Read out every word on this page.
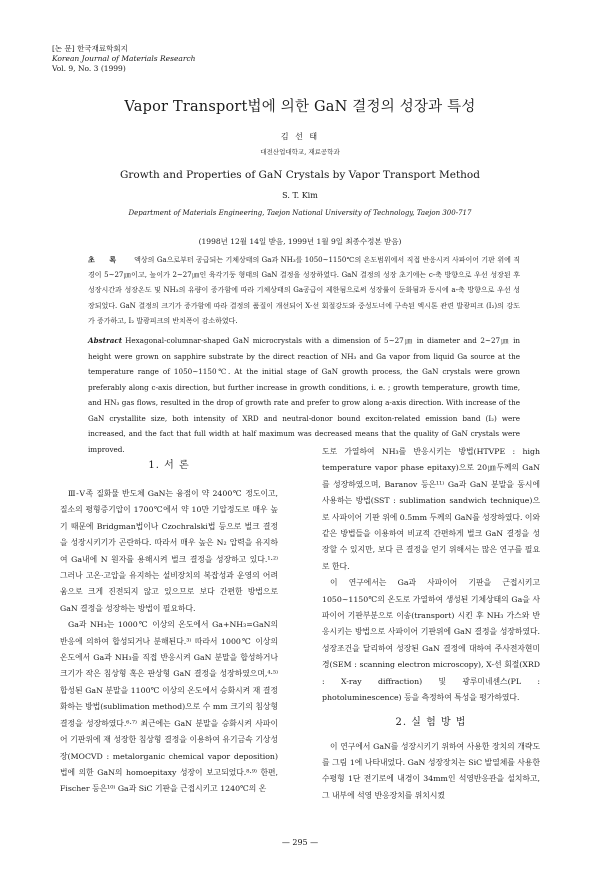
[논 문] 한국재료학회지
Korean Journal of Materials Research
Vol. 9, No. 3 (1999)
Vapor Transport법에 의한 GaN 결정의 성장과 특성
김 선 태
대전산업대학교, 재료공학과
Growth and Properties of GaN Crystals by Vapor Transport Method
S. T. Kim
Department of Materials Engineering, Taejon National University of Technology, Taejon 300-717
(1998년 12월 14일 받음, 1999년 1월 9일 최종수정본 받음)
초 록 액상의 Ga으로부터 공급되는 기체상태의 Ga과 NH₃를 1050~1150℃의 온도범위에서 직접 반응시켜 사파이어 기판 위에 직경이 5~27㎛이고, 높이가 2~27㎛인 육각기둥 형태의 GaN 결정을 성장하였다. GaN 결정의 성장 초기에는 c-축 방향으로 우선 성장된 후 성장시간과 성장온도 및 NH₃의 유량이 증가함에 따라 기체상태의 Ga공급이 제한됨으로써 성장률이 둔화됨과 동시에 a-축 방향으로 우선 성장되었다. GaN 결정의 크기가 증가함에 따라 결정의 품질이 개선되어 X-선 회절강도와 중성도너에 구속된 엑시톤 관련 발광피크 (I₂)의 강도가 증가하고, I₂ 발광피크의 반치폭이 감소하였다.
Abstract Hexagonal-columnar-shaped GaN microcrystals with a dimension of 5~27㎛ in diameter and 2~27㎛ in height were grown on sapphire substrate by the direct reaction of NH₃ and Ga vapor from liquid Ga source at the temperature range of 1050~1150℃. At the initial stage of GaN growth process, the GaN crystals were grown preferably along c-axis direction, but further increase in growth conditions, i. e. ; growth temperature, growth time, and HN₃ gas flows, resulted in the drop of growth rate and prefer to grow along a-axis direction. With increase of the GaN crystallite size, both intensity of XRD and neutral-donor bound exciton-related emission band (I₂) were increased, and the fact that full width at half maximum was decreased means that the quality of GaN crystals were improved.
1. 서 론

Ⅲ-Ⅴ족 질화물 반도체 GaN는 융점이 약 2400℃ 정도이고, 질소의 평형증기압이 1700℃에서 약 10만 기압정도로 매우 높기 때문에 Bridgman법이나 Czochralski법 등으로 벌크 결정을 성장시키기가 곤란하다. 따라서 매우 높은 N₂ 압력을 유지하여 Ga내에 N 원자를 용해시켜 벌크 결정을 성장하고 있다.¹·²⁾ 그러나 고온·고압을 유지하는 설비장치의 복잡성과 운영의 어려움으로 크게 진전되지 않고 있으므로 보다 간편한 방법으로 GaN 결정을 성장하는 방법이 필요하다.

Ga과 NH₃는 1000℃ 이상의 온도에서 Ga+NH₃=GaN의 반응에 의하여 합성되거나 분해된다.³⁾ 따라서 1000℃ 이상의 온도에서 Ga과 NH₃를 직접 반응시켜 GaN 분말을 합성하거나 크기가 작은 침상형 혹은 판상형 GaN 결정을 성장하였으며,⁴·⁵⁾ 합성된 GaN 분말을 1100℃ 이상의 온도에서 승화시켜 재 결정화하는 방법(sublimation method)으로 수 mm 크기의 침상형 결정을 성장하였다.⁶·⁷⁾ 최근에는 GaN 분말을 승화시켜 사파이어 기판위에 재 성장한 침상형 결정을 이용하여 유기금속 기상성장(MOCVD : metalorganic chemical vapor deposition)법에 의한 GaN의 homoepitaxy 성장이 보고되었다.⁸·⁹⁾ 한편, Fischer 등은¹⁰⁾ Ga과 SiC 기판을 근접시키고 1240℃의 온

도로 가열하여 NH₃를 반응시키는 방법(HTVPE : high temperature vapor phase epitaxy)으로 20㎛두께의 GaN를 성장하였으며, Baranov 등은¹¹⁾ Ga과 GaN 분말을 동시에 사용하는 방법(SST : sublimation sandwich technique)으로 사파이어 기판 위에 0.5mm 두께의 GaN를 성장하였다. 이와 같은 방법들을 이용하여 비교적 간편하게 벌크 GaN 결정을 성장할 수 있지만, 보다 큰 결정을 얻기 위해서는 많은 연구를 필요로 한다.

이 연구에서는 Ga과 사파이어 기판을 근접시키고 1050~1150℃의 온도로 가열하여 생성된 기체상태의 Ga을 사파이어 기판부분으로 이송(transport) 시킨 후 NH₃ 가스와 반응시키는 방법으로 사파이어 기판위에 GaN 결정을 성장하였다. 성장조건을 달리하여 성장된 GaN 결정에 대하여 주사전자현미경(SEM : scanning electron microscopy), X-선 회절(XRD : X-ray diffraction) 및 광루미네센스(PL : photoluminescence) 등을 측정하여 특성을 평가하였다.

2. 실 험 방 법

이 연구에서 GaN를 성장시키기 위하여 사용한 장치의 개략도를 그림 1에 나타내었다. GaN 성장장치는 SiC 발열체를 사용한 수평형 1단 전기로에 내경이 34mm인 석영반응관을 설치하고, 그 내부에 석영 반응장치를 위치시켰

— 295 —
